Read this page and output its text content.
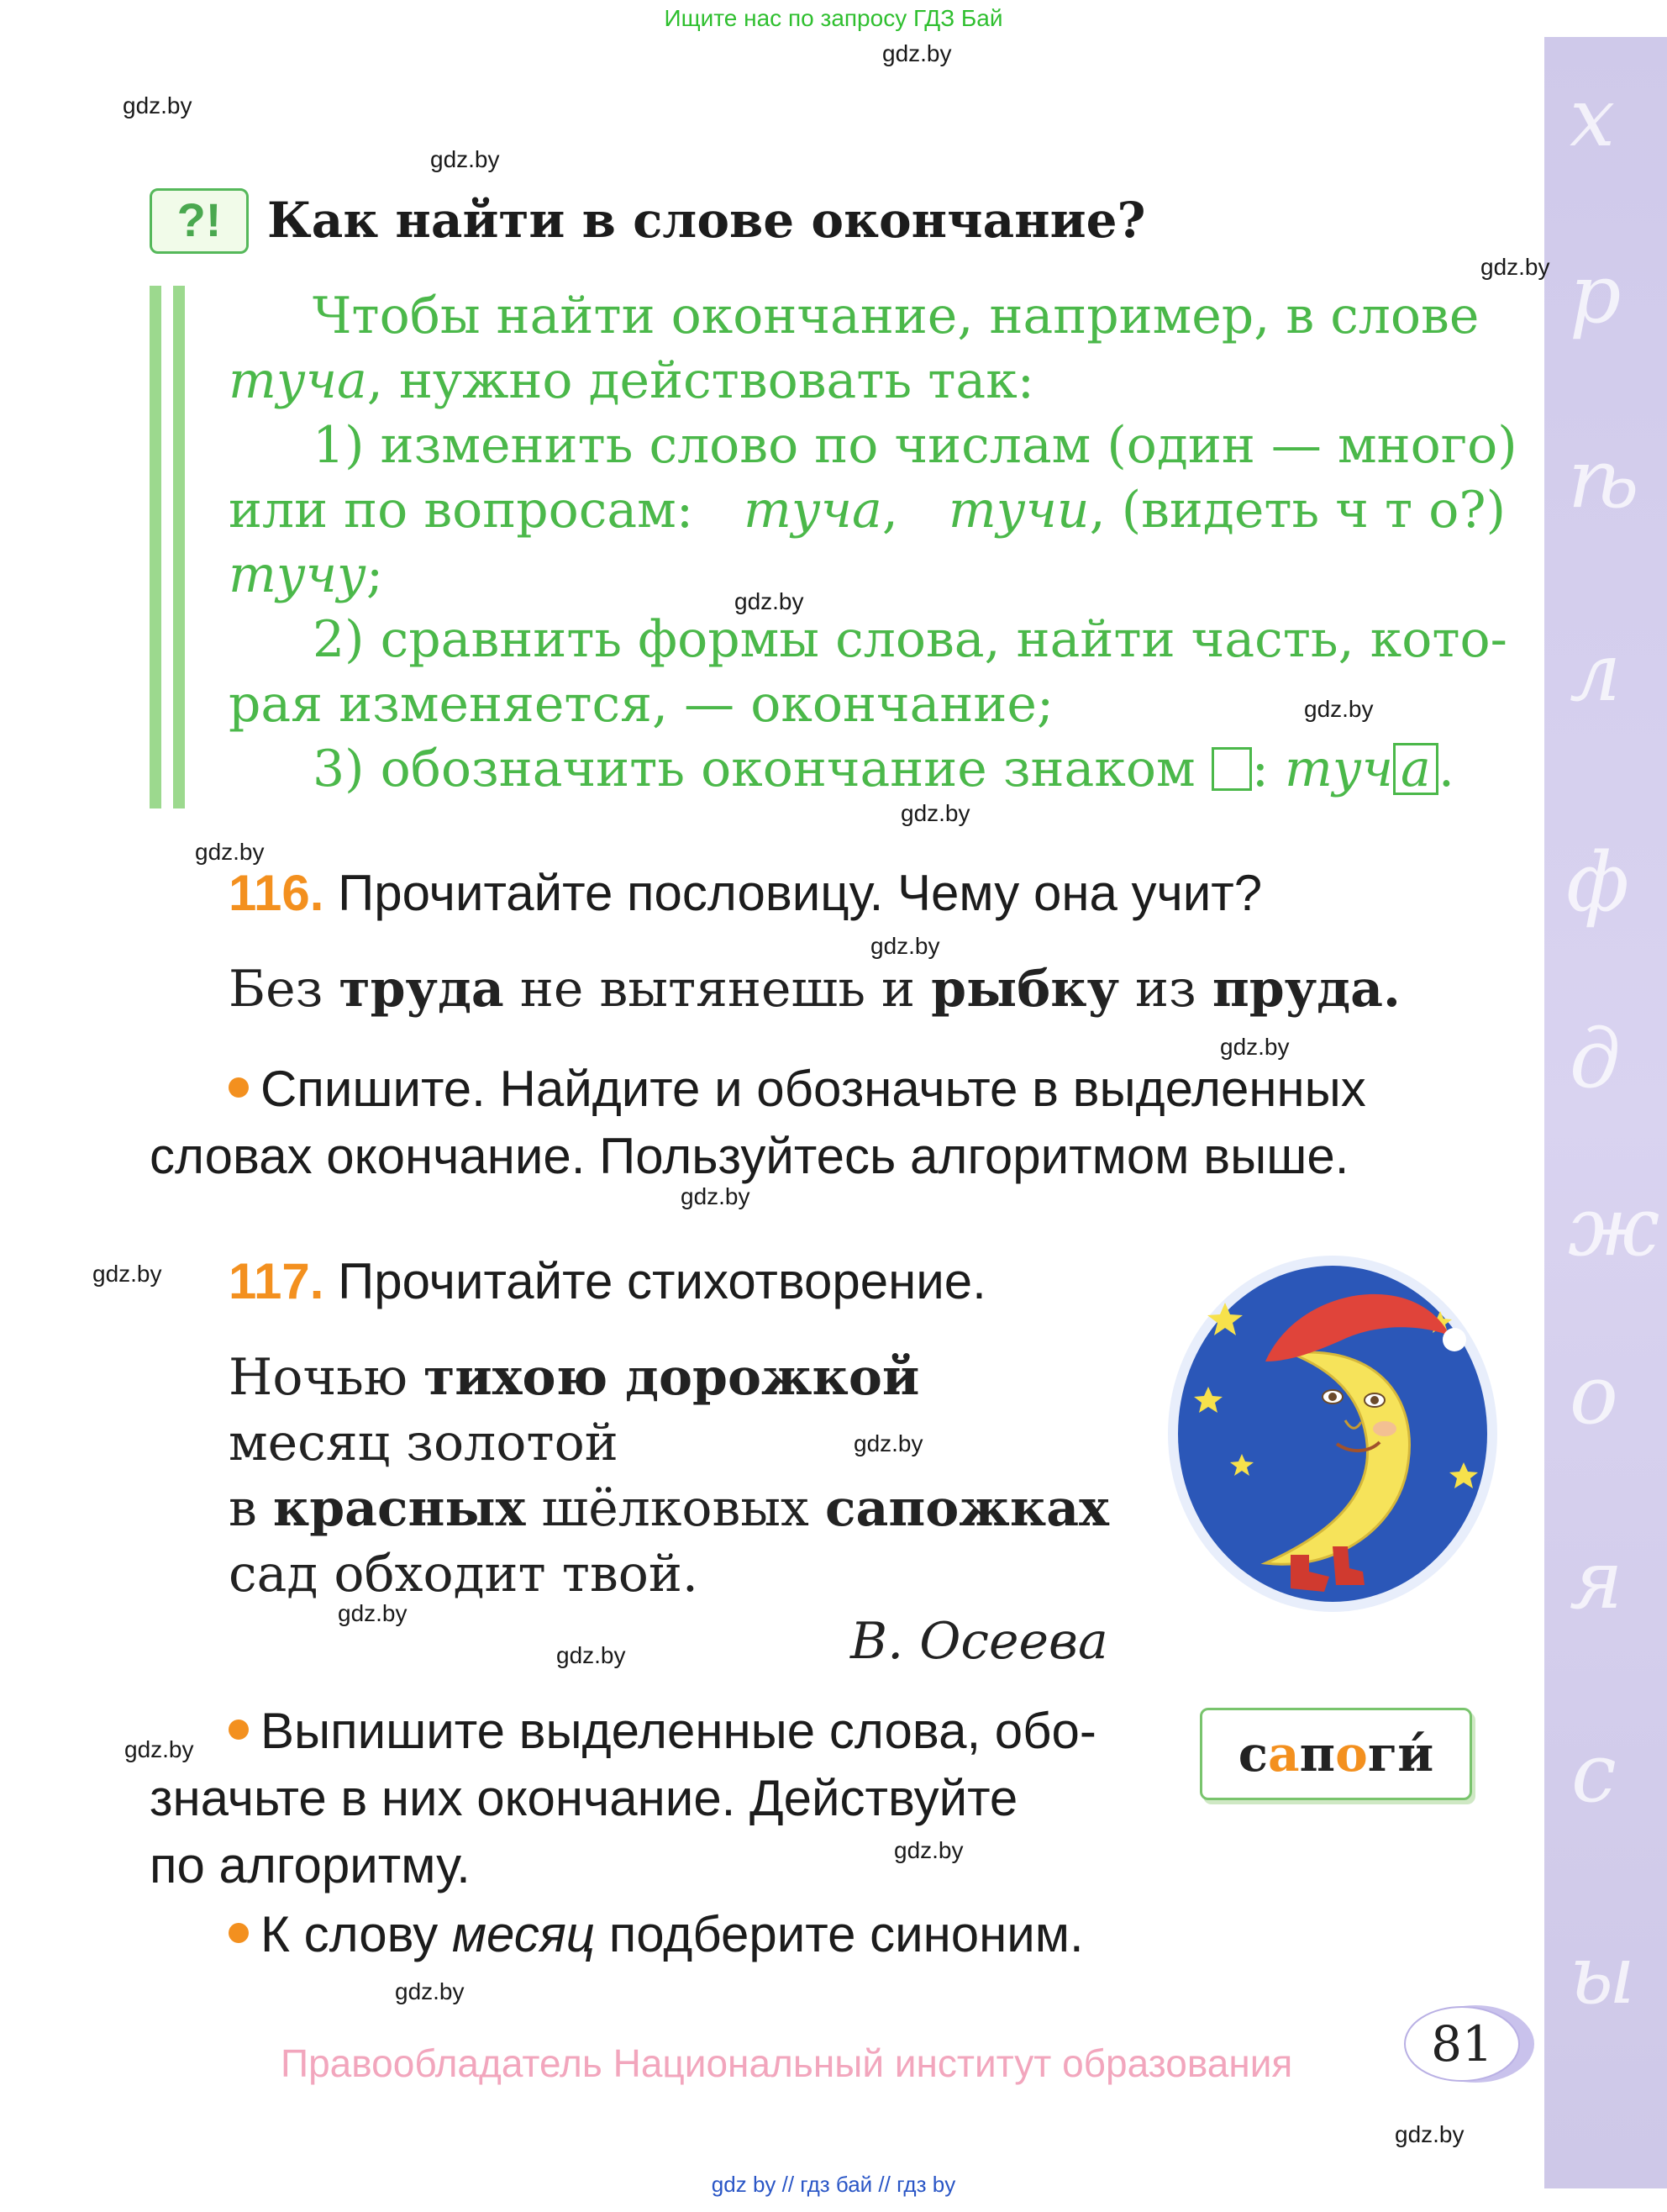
Ищите нас по запросу ГДЗ Бай
х
р
ѣ
л
ф
д
ж
о
я
с
ы
gdz.by
gdz.by
gdz.by
gdz.by
gdz.by
gdz.by
gdz.by
gdz.by
gdz.by
gdz.by
gdz.by
gdz.by
gdz.by
gdz.by
gdz.by
gdz.by
gdz.by
gdz.by
gdz.by
?! Как найти в слове окончание?
Чтобы найти окончание, например, в слове
туча, нужно действовать так:
1) изменить слово по числам (один — много)
или по вопросам: туча, тучи, (видеть ч т о?)
тучу;
2) сравнить формы слова, найти часть, кото-
рая изменяется, — окончание;
3) обозначить окончание знаком : туч а .
116. Прочитайте пословицу. Чему она учит?
Без труда не вытянешь и рыбку из пруда.
Спишите. Найдите и обозначьте в выделенных
словах окончание. Пользуйтесь алгоритмом выше.
117. Прочитайте стихотворение.
Ночью тихою дорожкой
месяц золотой
в красных шёлковых сапожках
сад обходит твой.
В. Осеева
сапоги́
Выпишите выделенные слова, обо-
значьте в них окончание. Действуйте
по алгоритму.
К слову месяц подберите синоним.
Правообладатель Национальный институт образования	81
gdz by // гдз бай // гдз by
